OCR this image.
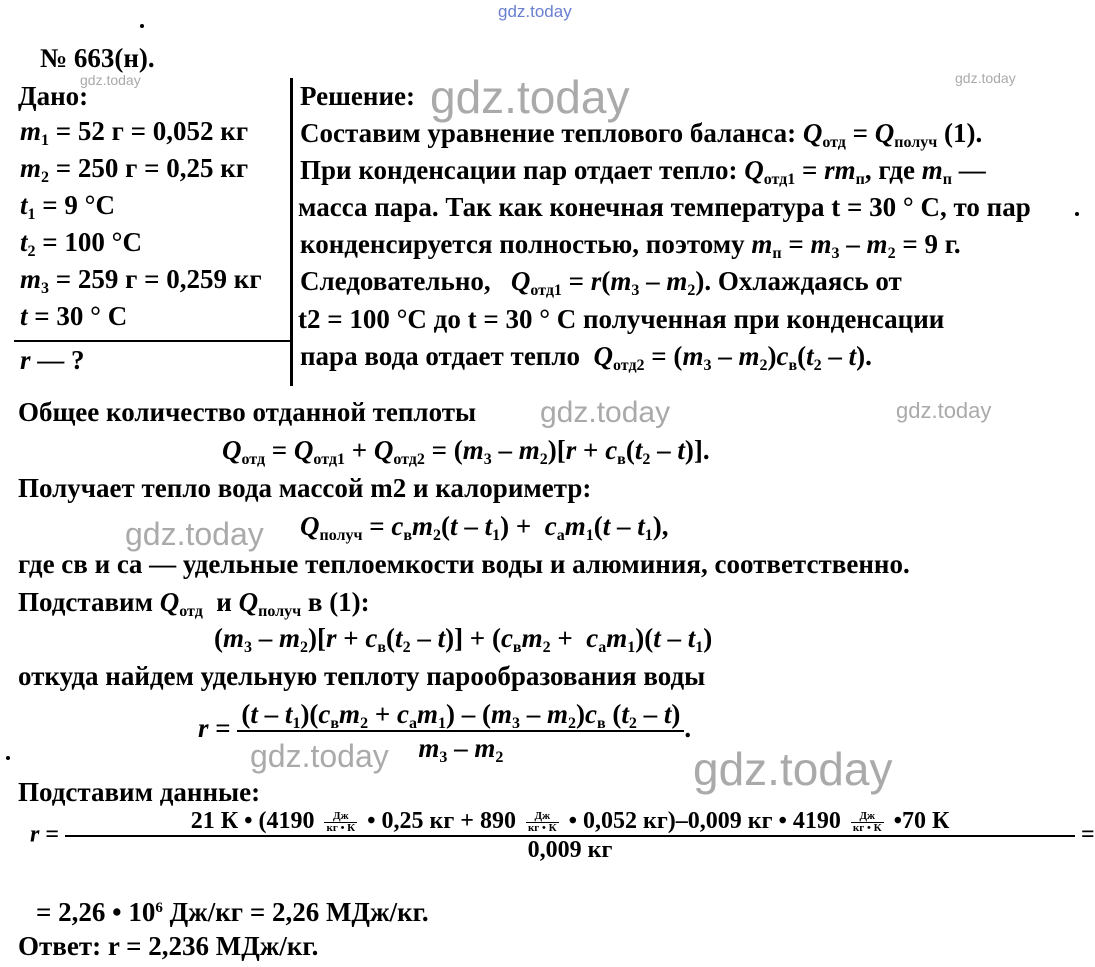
gdz.today
gdz.today	gdz.today
gdz.today
gdz.today	gdz.today
gdz.today
gdz.today	gdz.today
№ 663(н).
Дано:
$m_1 = 52$ г = 0,052 кг
$m_2 = 250$ г = 0,25 кг
$t_1 = 9$ °С
$t_2 = 100$ °С
$m_3 = 259$ г = 0,259 кг
t = 30 ° С
r — ?
Решение:
Составим уравнение теплового баланса: $Q_{отд} = Q_{получ}$ (1).
При конденсации пар отдает тепло: $Q_{отд1} = rm_п$, где $m_п$ —
масса пара. Так как конечная температура t = 30 ° С, то пар
конденсируется полностью, поэтому $m_п = m_3 - m_2 = 9$ г.
Следовательно, $Q_{отд1} = r(m_3 - m_2)$. Охлаждаясь от
t2 = 100 °С до t = 30 ° С полученная при конденсации
пара вода отдает тепло $Q_{отд2} = (m_3 - m_2)c_в(t_2 - t)$.
Общее количество отданной теплоты
$Q_{отд} = Q_{отд1} + Q_{отд2} = (m_3 - m_2)[r + c_в(t_2 - t)]$.
Получает тепло вода массой m2 и калориметр:
$Q_{получ} = c_вm_2(t - t_1) + c_аm_1(t - t_1)$,
где cв и cа — удельные теплоемкости воды и алюминия, соответственно.
Подставим $Q_{отд}$  и $Q_{получ}$ в (1):
$(m_3 - m_2)[r + c_в(t_2 - t)] + (c_вm_2 + c_аm_1)(t - t_1)$
откуда найдем удельную теплоту парообразования воды
$r = \frac{(t - t_1)(c_вm_2 + c_аm_1) - (m_3 - m_2)c_в (t_2 - t)}{m_3 - m_2}$ .
Подставим данные:
r =
21 К • (4190	Дж
кг • К • 0,25 кг + 890	Дж
кг • К • 0,052 кг)–0,009 кг • 4190	Дж
кг • К •70 К
0,009 кг
=
= 2,26 • $10^6$ Дж/кг = 2,26 МДж/кг.
Ответ: r = 2,236 МДж/кг.
